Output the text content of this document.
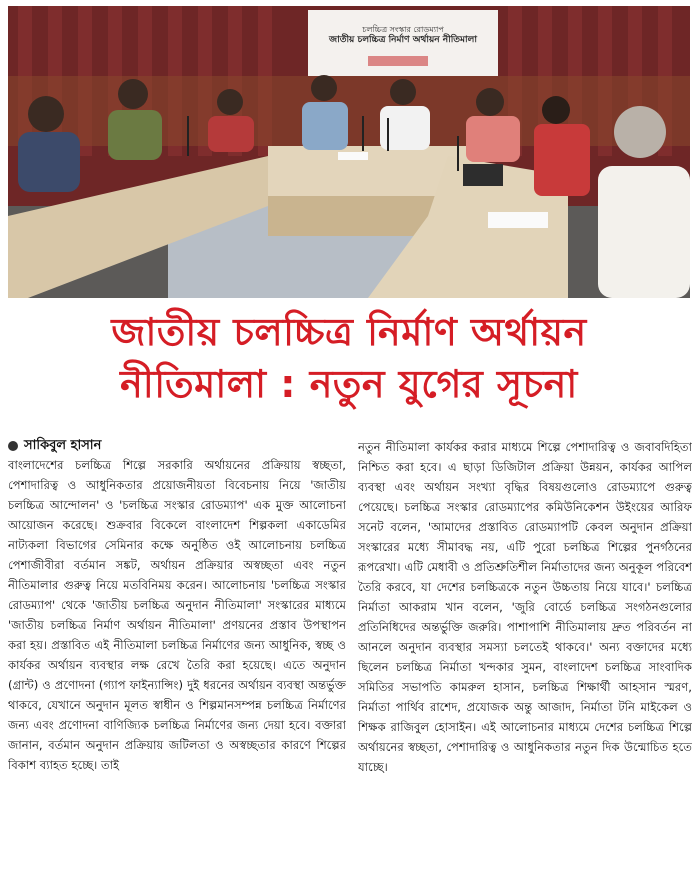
চলচ্চিত্র সংস্কার রোডম্যাপ
জাতীয় চলচ্চিত্র নির্মাণ অর্থায়ন নীতিমালা
জাতীয় চলচ্চিত্র নির্মাণ অর্থায়ন
নীতিমালা : নতুন যুগের সূচনা
সাকিবুল হাসান

বাংলাদেশের চলচ্চিত্র শিল্পে সরকারি অর্থায়নের প্রক্রিয়ায় স্বচ্ছতা, পেশাদারিত্ব ও আধুনিকতার প্রয়োজনীয়তা বিবেচনায় নিয়ে 'জাতীয় চলচ্চিত্র আন্দোলন' ও 'চলচ্চিত্র সংস্কার রোডম্যাপ' এক মুক্ত আলোচনা আয়োজন করেছে। শুক্রবার বিকেলে বাংলাদেশ শিল্পকলা একাডেমির নাট্যকলা বিভাগের সেমিনার কক্ষে অনুষ্ঠিত ওই আলোচনায় চলচ্চিত্র পেশাজীবীরা বর্তমান সঙ্কট, অর্থায়ন প্রক্রিয়ার অস্বচ্ছতা এবং নতুন নীতিমালার গুরুত্ব নিয়ে মতবিনিময় করেন। আলোচনায় 'চলচ্চিত্র সংস্কার রোডম্যাপ' থেকে 'জাতীয় চলচ্চিত্র অনুদান নীতিমালা' সংস্কারের মাধ্যমে 'জাতীয় চলচ্চিত্র নির্মাণ অর্থায়ন নীতিমালা' প্রণয়নের প্রস্তাব উপস্থাপন করা হয়। প্রস্তাবিত এই নীতিমালা চলচ্চিত্র নির্মাণের জন্য আধুনিক, স্বচ্ছ ও কার্যকর অর্থায়ন ব্যবস্থার লক্ষ রেখে তৈরি করা হয়েছে। এতে অনুদান (গ্রান্ট) ও প্রণোদনা (গ্যাপ ফাইন্যান্সিং) দুই ধরনের অর্থায়ন ব্যবস্থা অন্তর্ভুক্ত থাকবে, যেখানে অনুদান মূলত স্বাধীন ও শিল্পমানসম্পন্ন চলচ্চিত্র নির্মাণের জন্য এবং প্রণোদনা বাণিজ্যিক চলচ্চিত্র নির্মাণের জন্য দেয়া হবে। বক্তারা জানান, বর্তমান অনুদান প্রক্রিয়ায় জটিলতা ও অস্বচ্ছতার কারণে শিল্পের বিকাশ ব্যাহত হচ্ছে। তাই

নতুন নীতিমালা কার্যকর করার মাধ্যমে শিল্পে পেশাদারিত্ব ও জবাবদিহিতা নিশ্চিত করা হবে। এ ছাড়া ডিজিটাল প্রক্রিয়া উন্নয়ন, কার্যকর আপিল ব্যবস্থা এবং অর্থায়ন সংখ্যা বৃদ্ধির বিষয়গুলোও রোডম্যাপে গুরুত্ব পেয়েছে। চলচ্চিত্র সংস্কার রোডম্যাপের কমিউনিকেশন উইংয়ের আরিফ সনেট বলেন, 'আমাদের প্রস্তাবিত রোডম্যাপটি কেবল অনুদান প্রক্রিয়া সংস্কারের মধ্যে সীমাবদ্ধ নয়, এটি পুরো চলচ্চিত্র শিল্পের পুনর্গঠনের রূপরেখা। এটি মেধাবী ও প্রতিশ্রুতিশীল নির্মাতাদের জন্য অনুকূল পরিবেশ তৈরি করবে, যা দেশের চলচ্চিত্রকে নতুন উচ্চতায় নিয়ে যাবে।' চলচ্চিত্র নির্মাতা আকরাম খান বলেন, 'জুরি বোর্ডে চলচ্চিত্র সংগঠনগুলোর প্রতিনিধিদের অন্তর্ভুক্তি জরুরি। পাশাপাশি নীতিমালায় দ্রুত পরিবর্তন না আনলে অনুদান ব্যবস্থার সমস্যা চলতেই থাকবে।' অন্য বক্তাদের মধ্যে ছিলেন চলচ্চিত্র নির্মাতা খন্দকার সুমন, বাংলাদেশ চলচ্চিত্র সাংবাদিক সমিতির সভাপতি কামরুল হাসান, চলচ্চিত্র শিক্ষার্থী আহসান স্মরণ, নির্মাতা পার্থিব রাশেদ, প্রযোজক অন্তু আজাদ, নির্মাতা টনি মাইকেল ও শিক্ষক রাজিবুল হোসাইন। এই আলোচনার মাধ্যমে দেশের চলচ্চিত্র শিল্পে অর্থায়নের স্বচ্ছতা, পেশাদারিত্ব ও আধুনিকতার নতুন দিক উন্মোচিত হতে যাচ্ছে।
